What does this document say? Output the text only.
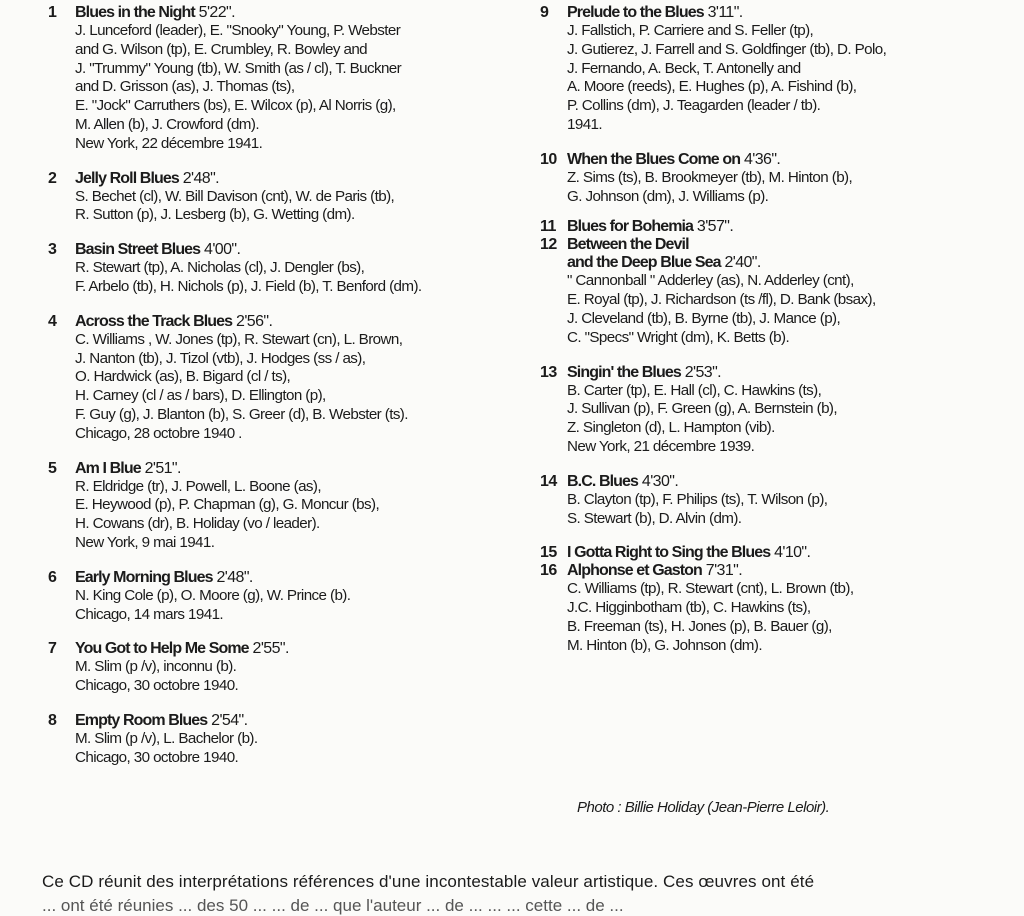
1	Blues in the Night 5'22".
J. Lunceford (leader), E. "Snooky" Young, P. Webster
and G. Wilson (tp), E. Crumbley, R. Bowley and
J. "Trummy" Young (tb), W. Smith (as / cl), T. Buckner
and D. Grisson (as), J. Thomas (ts),
E. "Jock" Carruthers (bs), E. Wilcox (p), Al Norris (g),
M. Allen (b), J. Crowford (dm).
New York, 22 décembre 1941.
2	Jelly Roll Blues 2'48".
S. Bechet (cl), W. Bill Davison (cnt), W. de Paris (tb),
R. Sutton (p), J. Lesberg (b), G. Wetting (dm).
3	Basin Street Blues 4'00".
R. Stewart (tp), A. Nicholas (cl), J. Dengler (bs),
F. Arbelo (tb), H. Nichols (p), J. Field (b), T. Benford (dm).
4	Across the Track Blues 2'56".
C. Williams , W. Jones (tp), R. Stewart (cn), L. Brown,
J. Nanton (tb), J. Tizol (vtb), J. Hodges (ss / as),
O. Hardwick (as), B. Bigard (cl / ts),
H. Carney (cl / as / bars), D. Ellington (p),
F. Guy (g), J. Blanton (b), S. Greer (d), B. Webster (ts).
Chicago, 28 octobre 1940 .
5	Am I Blue 2'51".
R. Eldridge (tr), J. Powell, L. Boone (as),
E. Heywood (p), P. Chapman (g), G. Moncur (bs),
H. Cowans (dr), B. Holiday (vo / leader).
New York, 9 mai 1941.
6	Early Morning Blues 2'48".
N. King Cole (p), O. Moore (g), W. Prince (b).
Chicago, 14 mars 1941.
7	You Got to Help Me Some 2'55".
M. Slim (p /v), inconnu (b).
Chicago, 30 octobre 1940.
8	Empty Room Blues 2'54".
M. Slim (p /v), L. Bachelor (b).
Chicago, 30 octobre 1940.
9	Prelude to the Blues 3'11".
J. Fallstich, P. Carriere and S. Feller (tp),
J. Gutierez, J. Farrell and S. Goldfinger (tb), D. Polo,
J. Fernando, A. Beck, T. Antonelly and
A. Moore (reeds), E. Hughes (p), A. Fishind (b),
P. Collins (dm), J. Teagarden (leader / tb).
1941.
10 When the Blues Come on 4'36".
Z. Sims (ts), B. Brookmeyer (tb), M. Hinton (b),
G. Johnson (dm), J. Williams (p).
11 Blues for Bohemia 3'57".
12 Between the Devil
and the Deep Blue Sea 2'40".
" Cannonball " Adderley (as), N. Adderley (cnt),
E. Royal (tp), J. Richardson (ts /fl), D. Bank (bsax),
J. Cleveland (tb), B. Byrne (tb), J. Mance (p),
C. "Specs" Wright (dm), K. Betts (b).
13 Singin' the Blues 2'53".
B. Carter (tp), E. Hall (cl), C. Hawkins (ts),
J. Sullivan (p), F. Green (g), A. Bernstein (b),
Z. Singleton (d), L. Hampton (vib).
New York, 21 décembre 1939.
14 B.C. Blues 4'30".
B. Clayton (tp), F. Philips (ts), T. Wilson (p),
S. Stewart (b), D. Alvin (dm).
15 I Gotta Right to Sing the Blues 4'10".
16 Alphonse et Gaston 7'31".
C. Williams (tp), R. Stewart (cnt), L. Brown (tb),
J.C. Higginbotham (tb), C. Hawkins (ts),
B. Freeman (ts), H. Jones (p), B. Bauer (g),
M. Hinton (b), G. Johnson (dm).
Photo : Billie Holiday (Jean-Pierre Leloir).
Ce CD réunit des interprétations références d'une incontestable valeur artistique. Ces œuvres ont été
... ont été réunies ... des 50 ... ... de ... que l'auteur ... de ... ... ... cette ... de ...
